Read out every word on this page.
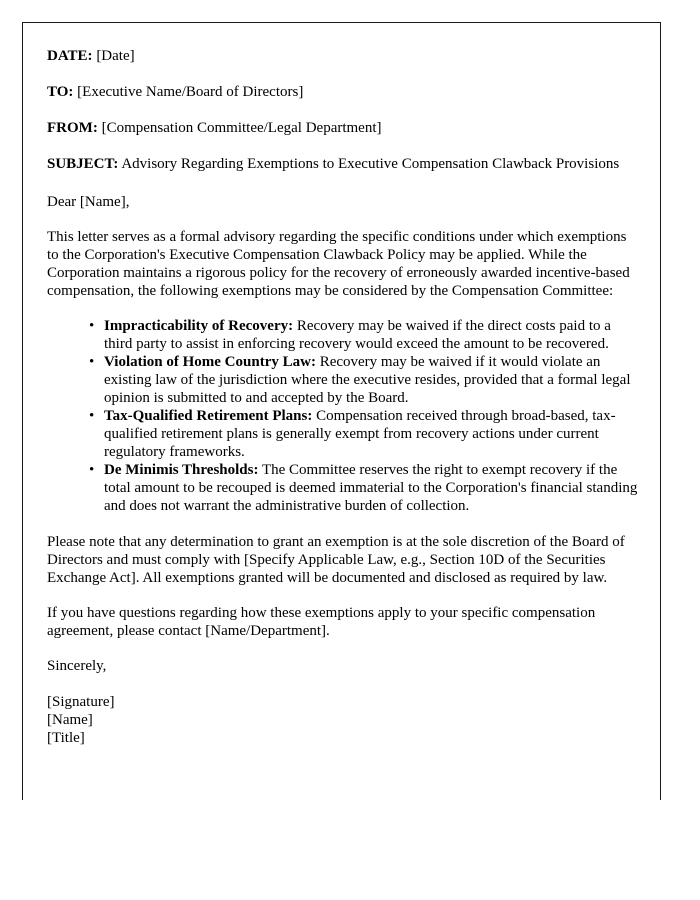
DATE: [Date]
TO: [Executive Name/Board of Directors]
FROM: [Compensation Committee/Legal Department]
SUBJECT: Advisory Regarding Exemptions to Executive Compensation Clawback Provisions
Dear [Name],

This letter serves as a formal advisory regarding the specific conditions under which exemptions to the Corporation's Executive Compensation Clawback Policy may be applied. While the Corporation maintains a rigorous policy for the recovery of erroneously awarded incentive-based compensation, the following exemptions may be considered by the Compensation Committee:

• Impracticability of Recovery: Recovery may be waived if the direct costs paid to a third party to assist in enforcing recovery would exceed the amount to be recovered.
• Violation of Home Country Law: Recovery may be waived if it would violate an existing law of the jurisdiction where the executive resides, provided that a formal legal opinion is submitted to and accepted by the Board.
• Tax-Qualified Retirement Plans: Compensation received through broad-based, tax-qualified retirement plans is generally exempt from recovery actions under current regulatory frameworks.
• De Minimis Thresholds: The Committee reserves the right to exempt recovery if the total amount to be recouped is deemed immaterial to the Corporation's financial standing and does not warrant the administrative burden of collection.

Please note that any determination to grant an exemption is at the sole discretion of the Board of Directors and must comply with [Specify Applicable Law, e.g., Section 10D of the Securities Exchange Act]. All exemptions granted will be documented and disclosed as required by law.

If you have questions regarding how these exemptions apply to your specific compensation agreement, please contact [Name/Department].

Sincerely,
[Signature]
[Name]
[Title]
